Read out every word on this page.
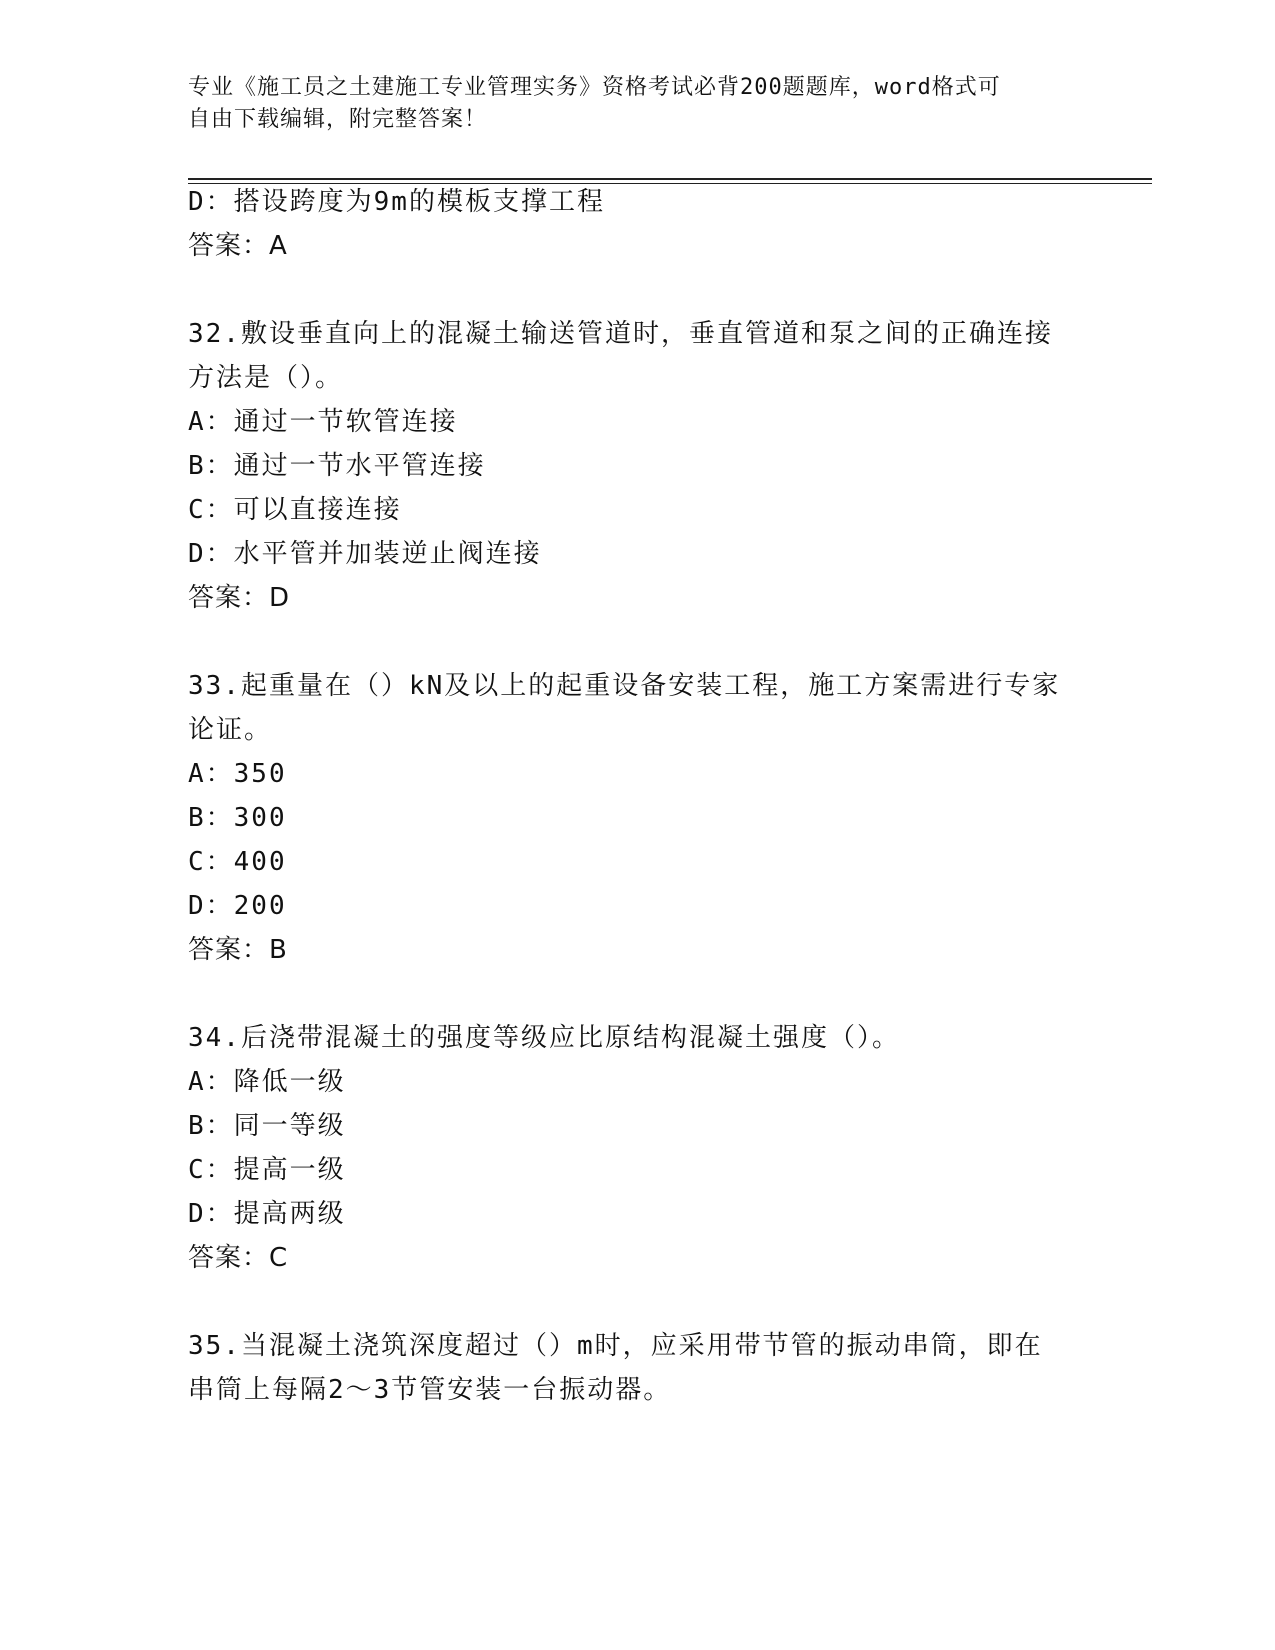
专业《施工员之土建施工专业管理实务》资格考试必背200题题库，word格式可
自由下载编辑，附完整答案！
D：搭设跨度为9m的模板支撑工程
答案：A
32.敷设垂直向上的混凝土输送管道时，垂直管道和泵之间的正确连接
方法是（）。
A：通过一节软管连接
B：通过一节水平管连接
C：可以直接连接
D：水平管并加装逆止阀连接
答案：D
33.起重量在（）kN及以上的起重设备安装工程，施工方案需进行专家
论证。
A：350
B：300
C：400
D：200
答案：B
34.后浇带混凝土的强度等级应比原结构混凝土强度（）。
A：降低一级
B：同一等级
C：提高一级
D：提高两级
答案：C
35.当混凝土浇筑深度超过（）m时，应采用带节管的振动串筒，即在
串筒上每隔2～3节管安装一台振动器。
